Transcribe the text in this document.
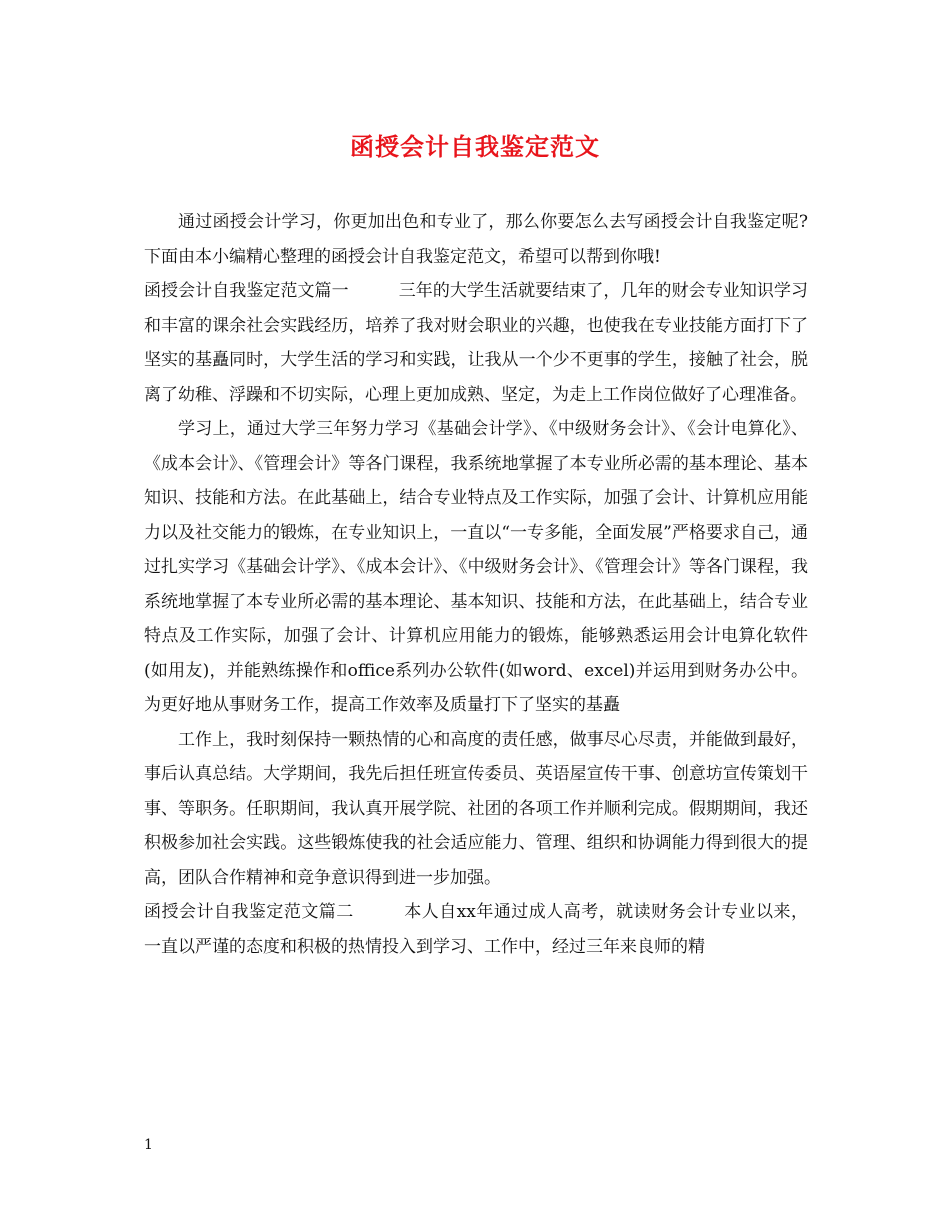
函授会计自我鉴定范文

通过函授会计学习，你更加出色和专业了，那么你要怎么去写函授会计自我鉴定呢?下面由本小编精心整理的函授会计自我鉴定范文，希望可以帮到你哦!

函授会计自我鉴定范文篇一	三年的大学生活就要结束了，几年的财会专业知识学习和丰富的课余社会实践经历，培养了我对财会职业的兴趣，也使我在专业技能方面打下了坚实的基矗同时，大学生活的学习和实践，让我从一个少不更事的学生，接触了社会，脱离了幼稚、浮躁和不切实际，心理上更加成熟、坚定，为走上工作岗位做好了心理准备。

学习上，通过大学三年努力学习《基础会计学》、《中级财务会计》、《会计电算化》、《成本会计》、《管理会计》等各门课程，我系统地掌握了本专业所必需的基本理论、基本知识、技能和方法。在此基础上，结合专业特点及工作实际，加强了会计、计算机应用能力以及社交能力的锻炼，在专业知识上，一直以“一专多能，全面发展”严格要求自己，通过扎实学习《基础会计学》、《成本会计》、《中级财务会计》、《管理会计》等各门课程，我系统地掌握了本专业所必需的基本理论、基本知识、技能和方法，在此基础上，结合专业特点及工作实际，加强了会计、计算机应用能力的锻炼，能够熟悉运用会计电算化软件(如用友)，并能熟练操作和office系列办公软件(如word、excel)并运用到财务办公中。为更好地从事财务工作，提高工作效率及质量打下了坚实的基矗

工作上，我时刻保持一颗热情的心和高度的责任感，做事尽心尽责，并能做到最好，事后认真总结。大学期间，我先后担任班宣传委员、英语屋宣传干事、创意坊宣传策划干事、等职务。任职期间，我认真开展学院、社团的各项工作并顺利完成。假期期间，我还积极参加社会实践。这些锻炼使我的社会适应能力、管理、组织和协调能力得到很大的提高，团队合作精神和竞争意识得到进一步加强。

函授会计自我鉴定范文篇二	本人自xx年通过成人高考，就读财务会计专业以来，一直以严谨的态度和积极的热情投入到学习、工作中，经过三年来良师的精

1
